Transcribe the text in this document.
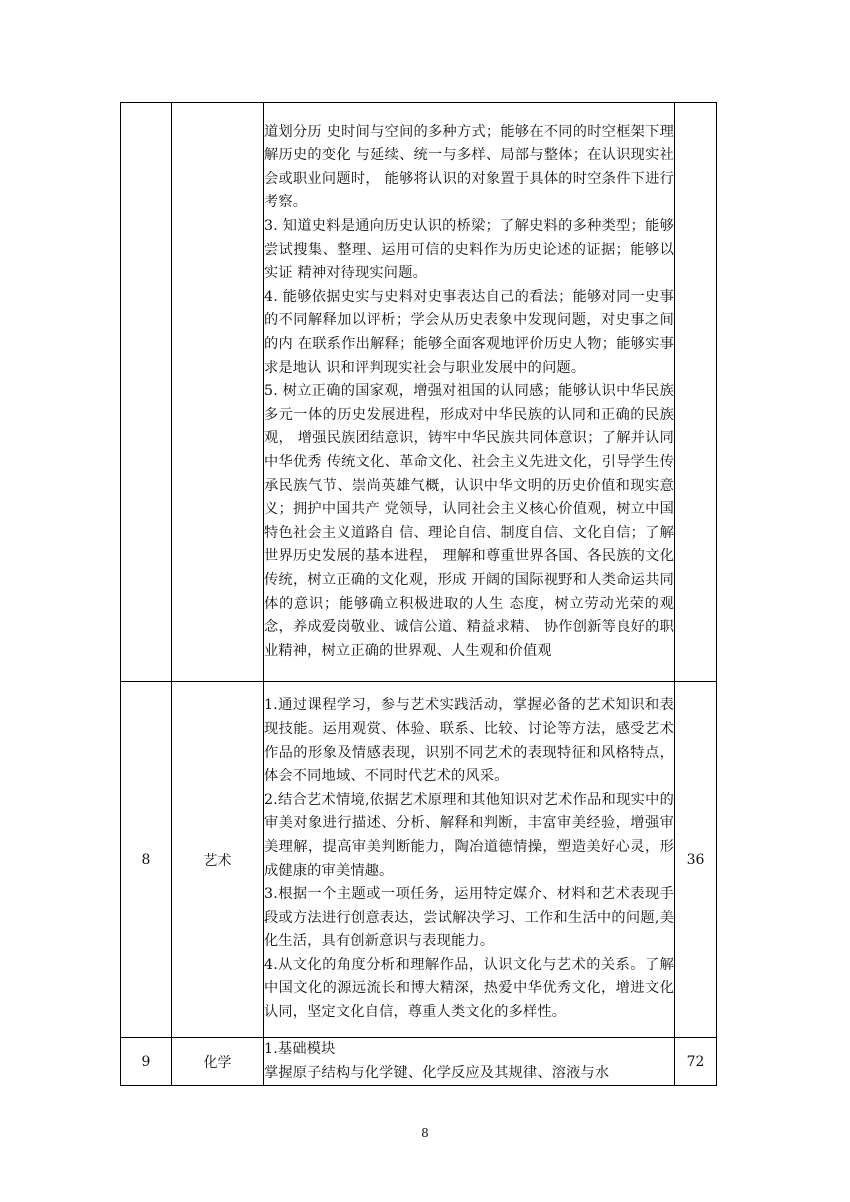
		道划分历 史时间与空间的多种方式；能够在不同的时空框架下理解历史的变化 与延续、统一与多样、局部与整体；在认识现实社会或职业问题时， 能够将认识的对象置于具体的时空条件下进行考察。
3. 知道史料是通向历史认识的桥梁；了解史料的多种类型；能够 尝试搜集、整理、运用可信的史料作为历史论述的证据；能够以实证 精神对待现实问题。
4. 能够依据史实与史料对史事表达自己的看法；能够对同一史事 的不同解释加以评析；学会从历史表象中发现问题，对史事之间的内 在联系作出解释；能够全面客观地评价历史人物；能够实事求是地认 识和评判现实社会与职业发展中的问题。
5. 树立正确的国家观，增强对祖国的认同感；能够认识中华民族 多元一体的历史发展进程，形成对中华民族的认同和正确的民族观， 增强民族团结意识，铸牢中华民族共同体意识；了解并认同中华优秀 传统文化、革命文化、社会主义先进文化，引导学生传承民族气节、崇尚英雄气概，认识中华文明的历史价值和现实意义；拥护中国共产 党领导，认同社会主义核心价值观，树立中国特色社会主义道路自 信、理论自信、制度自信、文化自信；了解世界历史发展的基本进程， 理解和尊重世界各国、各民族的文化传统，树立正确的文化观，形成 开阔的国际视野和人类命运共同体的意识；能够确立积极进取的人生 态度，树立劳动光荣的观念，养成爱岗敬业、诚信公道、精益求精、 协作创新等良好的职业精神，树立正确的世界观、人生观和价值观	

8	艺术	1.通过课程学习，参与艺术实践活动，掌握必备的艺术知识和表现技能。运用观赏、体验、联系、比较、讨论等方法，感受艺术作品的形象及情感表现，识别不同艺术的表现特征和风格特点，体会不同地域、不同时代艺术的风采。
2.结合艺术情境,依据艺术原理和其他知识对艺术作品和现实中的审美对象进行描述、分析、解释和判断，丰富审美经验，增强审美理解，提高审美判断能力，陶冶道德情操，塑造美好心灵，形成健康的审美情趣。
3.根据一个主题或一项任务，运用特定媒介、材料和艺术表现手段或方法进行创意表达，尝试解决学习、工作和生活中的问题,美化生活，具有创新意识与表现能力。
4.从文化的角度分析和理解作品，认识文化与艺术的关系。了解中国文化的源远流长和博大精深，热爱中华优秀文化，增进文化认同，坚定文化自信，尊重人类文化的多样性。	36
9	化学	1.基础模块
掌握原子结构与化学键、化学反应及其规律、溶液与水	72
8
